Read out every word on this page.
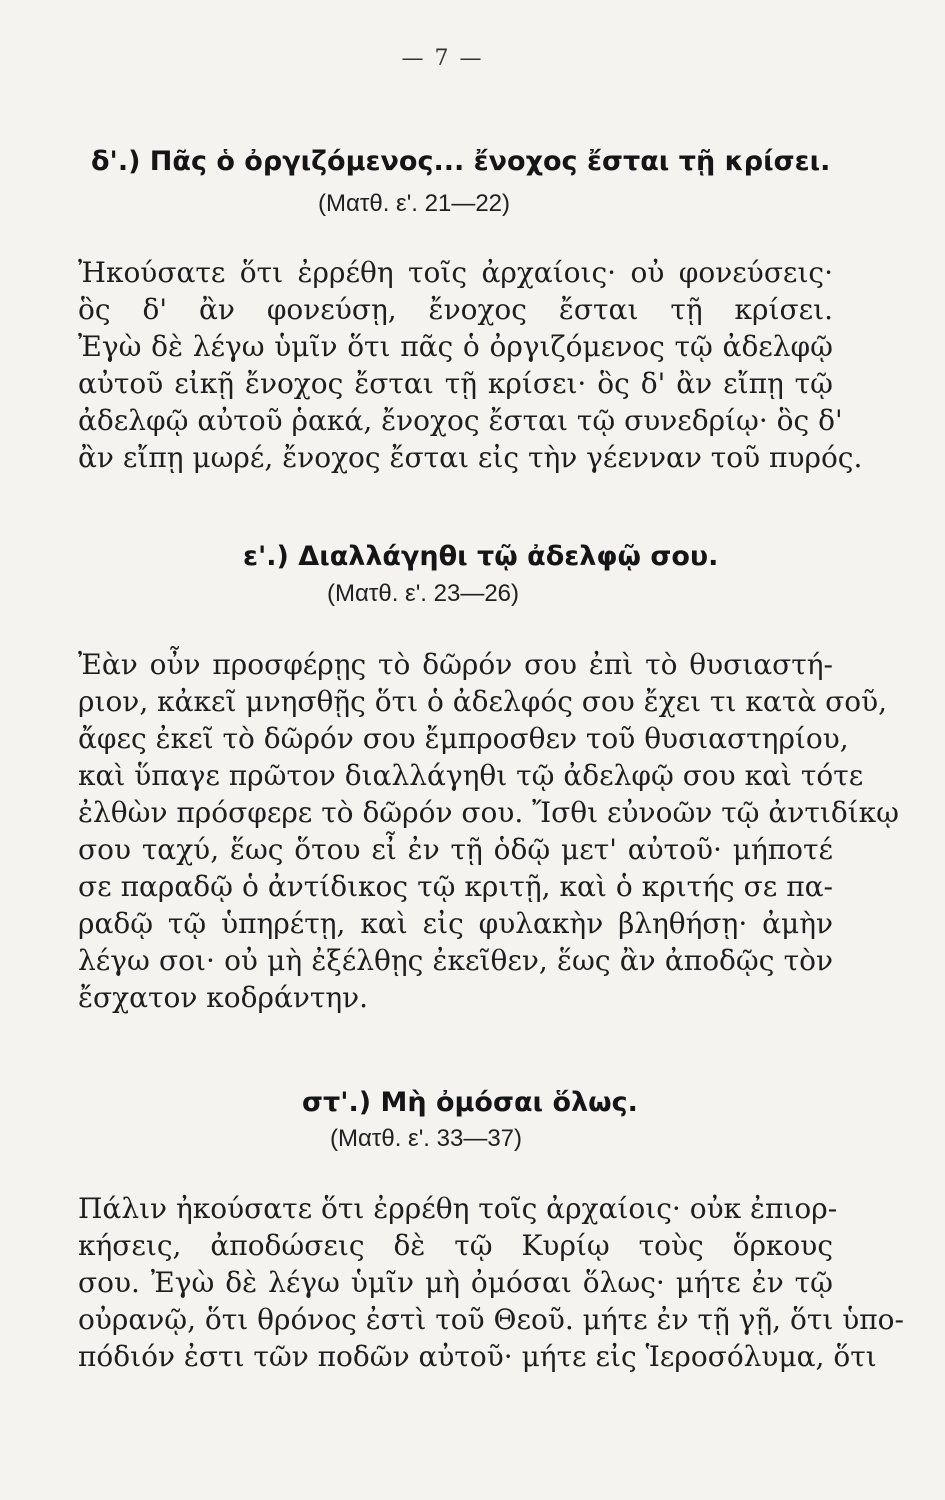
— 7 —
δ'.) Πᾶς ὁ ὀργιζόμενος... ἔνοχος ἔσται τῇ κρίσει.
(Ματθ. ε'. 21—22)
Ἠκούσατε ὅτι ἐρρέθη τοῖς ἀρχαίοις· οὐ φονεύσεις·
ὃς δ' ἂν φονεύσῃ, ἔνοχος ἔσται τῇ κρίσει.
Ἐγὼ δὲ λέγω ὑμῖν ὅτι πᾶς ὁ ὀργιζόμενος τῷ ἀδελφῷ
αὐτοῦ εἰκῇ ἔνοχος ἔσται τῇ κρίσει· ὃς δ' ἂν εἴπῃ τῷ
ἀδελφῷ αὐτοῦ ῥακά, ἔνοχος ἔσται τῷ συνεδρίῳ· ὃς δ'
ἂν εἴπῃ μωρέ, ἔνοχος ἔσται εἰς τὴν γέενναν τοῦ πυρός.
ε'.) Διαλλάγηθι τῷ ἀδελφῷ σου.
(Ματθ. ε'. 23—26)
Ἐὰν οὖν προσφέρῃς τὸ δῶρόν σου ἐπὶ τὸ θυσιαστή-
ριον, κἀκεῖ μνησθῇς ὅτι ὁ ἀδελφός σου ἔχει τι κατὰ σοῦ,
ἄφες ἐκεῖ τὸ δῶρόν σου ἔμπροσθεν τοῦ θυσιαστηρίου,
καὶ ὕπαγε πρῶτον διαλλάγηθι τῷ ἀδελφῷ σου καὶ τότε
ἐλθὼν πρόσφερε τὸ δῶρόν σου. Ἴσθι εὐνοῶν τῷ ἀντιδίκῳ
σου ταχύ, ἕως ὅτου εἶ ἐν τῇ ὁδῷ μετ' αὐτοῦ· μήποτέ
σε παραδῷ ὁ ἀντίδικος τῷ κριτῇ, καὶ ὁ κριτής σε πα-
ραδῷ τῷ ὑπηρέτῃ, καὶ εἰς φυλακὴν βληθήσῃ· ἀμὴν
λέγω σοι· οὐ μὴ ἐξέλθῃς ἐκεῖθεν, ἕως ἂν ἀποδῷς τὸν
ἔσχατον κοδράντην.
στ'.) Μὴ ὀμόσαι ὅλως.
(Ματθ. ε'. 33—37)
Πάλιν ἠκούσατε ὅτι ἐρρέθη τοῖς ἀρχαίοις· οὐκ ἐπιορ-
κήσεις, ἀποδώσεις δὲ τῷ Κυρίῳ τοὺς ὅρκους
σου. Ἐγὼ δὲ λέγω ὑμῖν μὴ ὀμόσαι ὅλως· μήτε ἐν τῷ
οὐρανῷ, ὅτι θρόνος ἐστὶ τοῦ Θεοῦ. μήτε ἐν τῇ γῇ, ὅτι ὑπο-
πόδιόν ἐστι τῶν ποδῶν αὐτοῦ· μήτε εἰς Ἱεροσόλυμα, ὅτι
